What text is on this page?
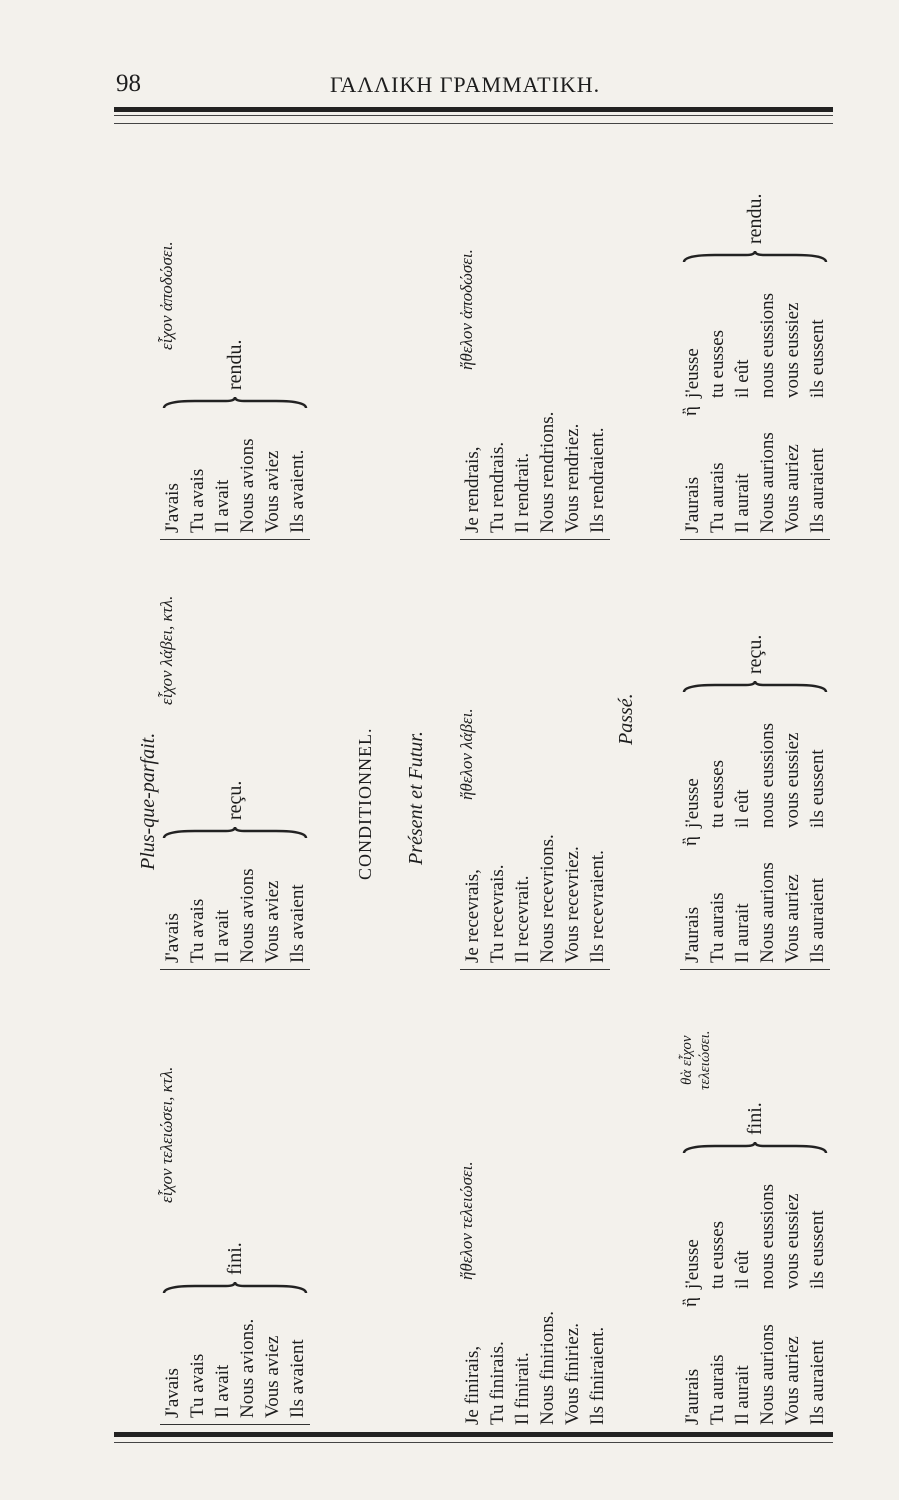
98	ΓΑΛΛΙΚΗ ΓΡΑΜΜΑΤΙΚΗ.
Plus-que-parfait.
J'avais Tu avais Il avait Nous avions. Vous aviez Ils avaient
fini.
εἶχον τελειώσει, κτλ.
J'avais Tu avais Il avait Nous avions Vous aviez Ils avaient
reçu.
εἶχον λάβει, κτλ.
J'avais Tu avais Il avait Nous avions Vous aviez Ils avaient.
rendu.
εἶχον ἀποδώσει.
CONDITIONNEL. Présent et Futur.
Je finirais, Tu finirais. Il finirait. Nous finirions. Vous finiriez. Ils finiraient.
ἤθελον τελειώσει.
Je recevrais, Tu recevrais. Il recevrait. Nous recevrions. Vous recevriez. Ils recevraient.
ἤθελον λάβει.
Je rendrais, Tu rendrais. Il rendrait. Nous rendrions. Vous rendriez. Ils rendraient.
ἤθελον ἀποδώσει.
Passé.
J'aurais Tu aurais Il aurait Nous aurions Vous auriez Ils auraient
ἢ
j'eusse tu eusses il eût nous eussions vous eussiez ils eussent
fini.
θὰ εἶχον τελειώσει.
J'aurais Tu aurais Il aurait Nous aurions Vous auriez Ils auraient
ἢ
j'eusse tu eusses il eût nous eussions vous eussiez ils eussent
reçu.
J'aurais Tu aurais Il aurait Nous aurions Vous auriez Ils auraient
ἢ
j'eusse tu eusses il eût nous eussions vous eussiez ils eussent
rendu.
